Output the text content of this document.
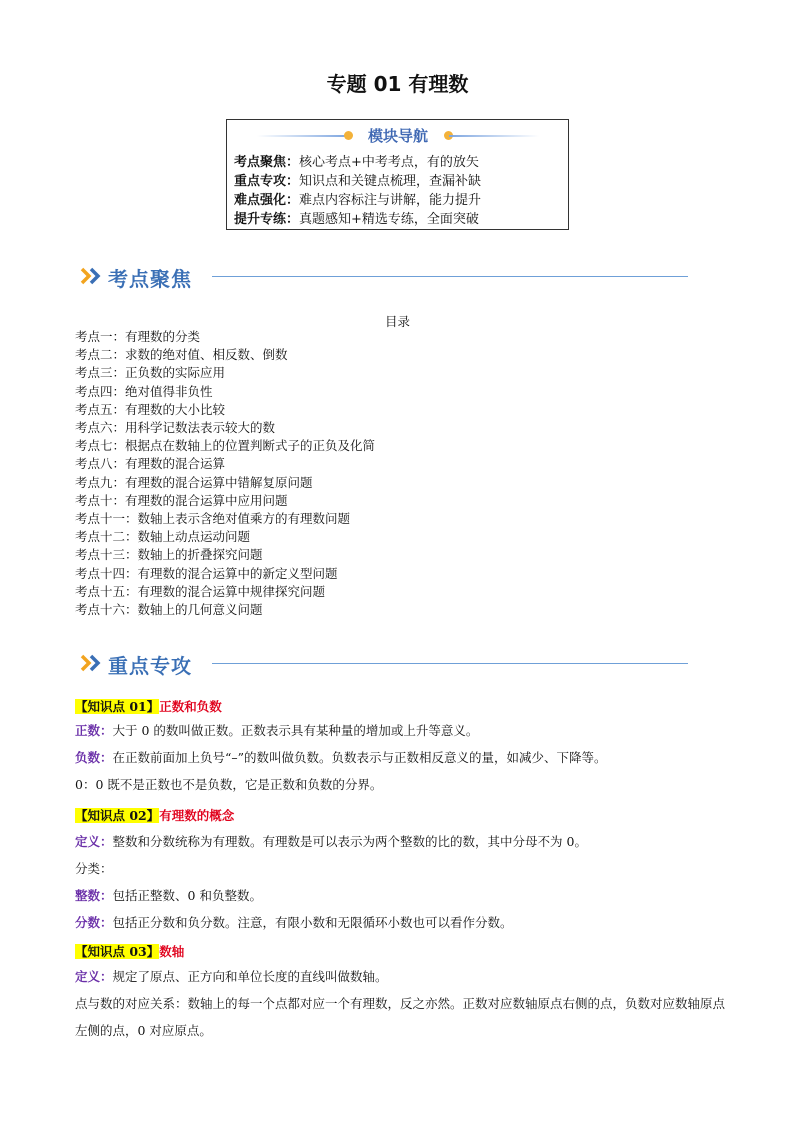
专题 01 有理数
模块导航
考点聚焦：核心考点+中考考点，有的放矢
重点专攻：知识点和关键点梳理，查漏补缺
难点强化：难点内容标注与讲解，能力提升
提升专练：真题感知+精选专练，全面突破
考点聚焦
目录
考点一：有理数的分类
考点二：求数的绝对值、相反数、倒数
考点三：正负数的实际应用
考点四：绝对值得非负性
考点五：有理数的大小比较
考点六：用科学记数法表示较大的数
考点七：根据点在数轴上的位置判断式子的正负及化简
考点八：有理数的混合运算
考点九：有理数的混合运算中错解复原问题
考点十：有理数的混合运算中应用问题
考点十一：数轴上表示含绝对值乘方的有理数问题
考点十二：数轴上动点运动问题
考点十三：数轴上的折叠探究问题
考点十四：有理数的混合运算中的新定义型问题
考点十五：有理数的混合运算中规律探究问题
考点十六：数轴上的几何意义问题
重点专攻
【知识点 01】正数和负数
正数：大于 0 的数叫做正数。正数表示具有某种量的增加或上升等意义。
负数：在正数前面加上负号“–”的数叫做负数。负数表示与正数相反意义的量，如减少、下降等。
0：0 既不是正数也不是负数，它是正数和负数的分界。
【知识点 02】有理数的概念
定义：整数和分数统称为有理数。有理数是可以表示为两个整数的比的数，其中分母不为 0。
分类：
整数：包括正整数、0 和负整数。
分数：包括正分数和负分数。注意，有限小数和无限循环小数也可以看作分数。
【知识点 03】数轴
定义：规定了原点、正方向和单位长度的直线叫做数轴。
点与数的对应关系：数轴上的每一个点都对应一个有理数，反之亦然。正数对应数轴原点右侧的点，负数对应数轴原点左侧的点，0 对应原点。
